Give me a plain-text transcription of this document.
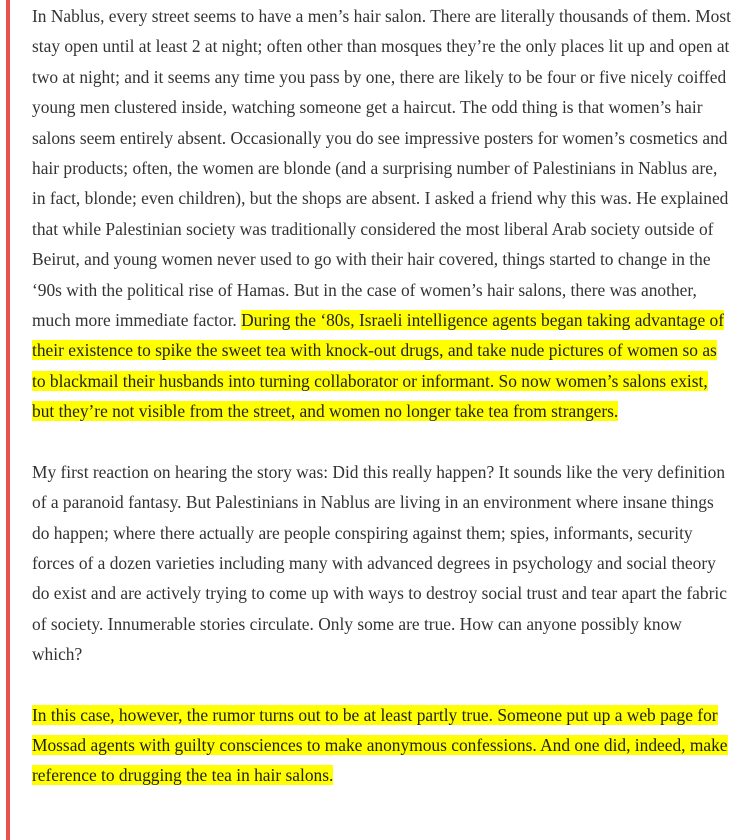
In Nablus, every street seems to have a men’s hair salon. There are literally thousands of them. Most stay open until at least 2 at night; often other than mosques they’re the only places lit up and open at two at night; and it seems any time you pass by one, there are likely to be four or five nicely coiffed young men clustered inside, watching someone get a haircut. The odd thing is that women’s hair salons seem entirely absent. Occasionally you do see impressive posters for women’s cosmetics and hair products; often, the women are blonde (and a surprising number of Palestinians in Nablus are, in fact, blonde; even children), but the shops are absent. I asked a friend why this was. He explained that while Palestinian society was traditionally considered the most liberal Arab society outside of Beirut, and young women never used to go with their hair covered, things started to change in the ‘90s with the political rise of Hamas. But in the case of women’s hair salons, there was another, much more immediate factor. During the ‘80s, Israeli intelligence agents began taking advantage of their existence to spike the sweet tea with knock-out drugs, and take nude pictures of women so as to blackmail their husbands into turning collaborator or informant. So now women’s salons exist, but they’re not visible from the street, and women no longer take tea from strangers.

My first reaction on hearing the story was: Did this really happen? It sounds like the very definition of a paranoid fantasy. But Palestinians in Nablus are living in an environment where insane things do happen; where there actually are people conspiring against them; spies, informants, security forces of a dozen varieties including many with advanced degrees in psychology and social theory do exist and are actively trying to come up with ways to destroy social trust and tear apart the fabric of society. Innumerable stories circulate. Only some are true. How can anyone possibly know which?

In this case, however, the rumor turns out to be at least partly true. Someone put up a web page for Mossad agents with guilty consciences to make anonymous confessions. And one did, indeed, make reference to drugging the tea in hair salons.
